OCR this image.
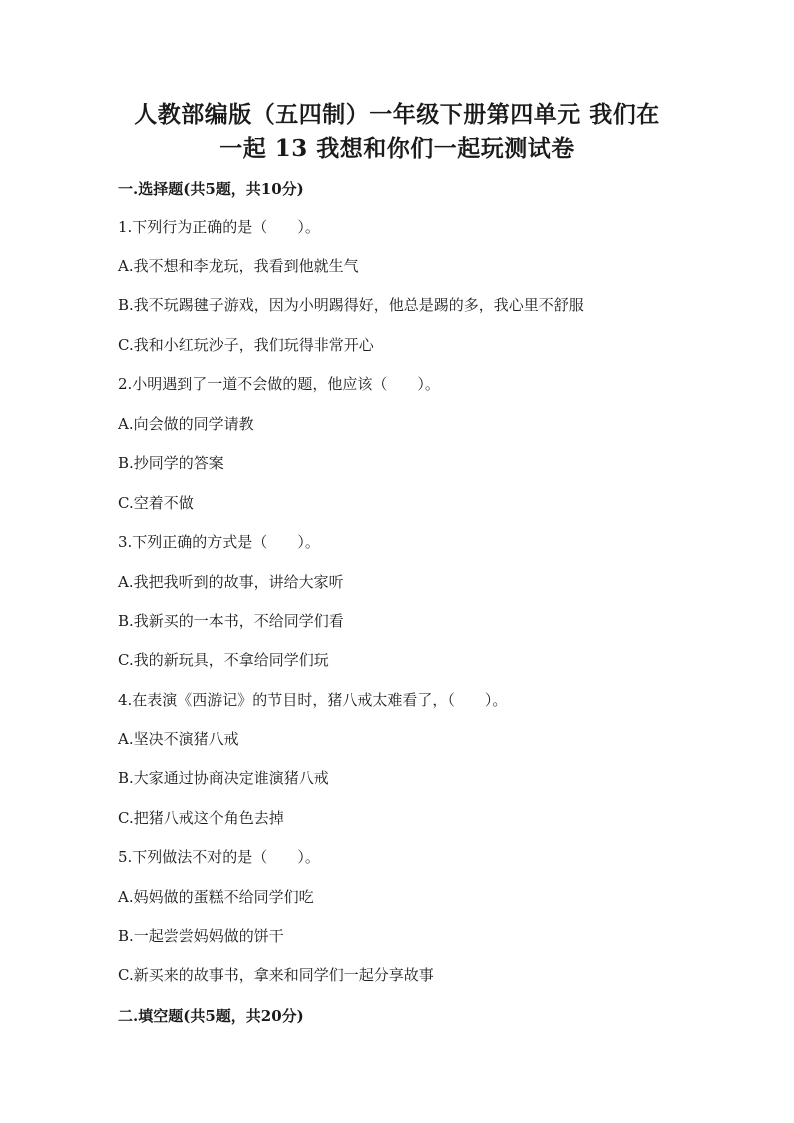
人教部编版（五四制）一年级下册第四单元 我们在
一起 13 我想和你们一起玩测试卷
一.选择题(共5题，共10分)
1.下列行为正确的是（　　）。
A.我不想和李龙玩，我看到他就生气
B.我不玩踢毽子游戏，因为小明踢得好，他总是踢的多，我心里不舒服
C.我和小红玩沙子，我们玩得非常开心
2.小明遇到了一道不会做的题，他应该（　　）。
A.向会做的同学请教
B.抄同学的答案
C.空着不做
3.下列正确的方式是（　　）。
A.我把我听到的故事，讲给大家听
B.我新买的一本书，不给同学们看
C.我的新玩具，不拿给同学们玩
4.在表演《西游记》的节目时，猪八戒太难看了，（　　）。
A.坚决不演猪八戒
B.大家通过协商决定谁演猪八戒
C.把猪八戒这个角色去掉
5.下列做法不对的是（　　）。
A.妈妈做的蛋糕不给同学们吃
B.一起尝尝妈妈做的饼干
C.新买来的故事书，拿来和同学们一起分享故事
二.填空题(共5题，共20分)
